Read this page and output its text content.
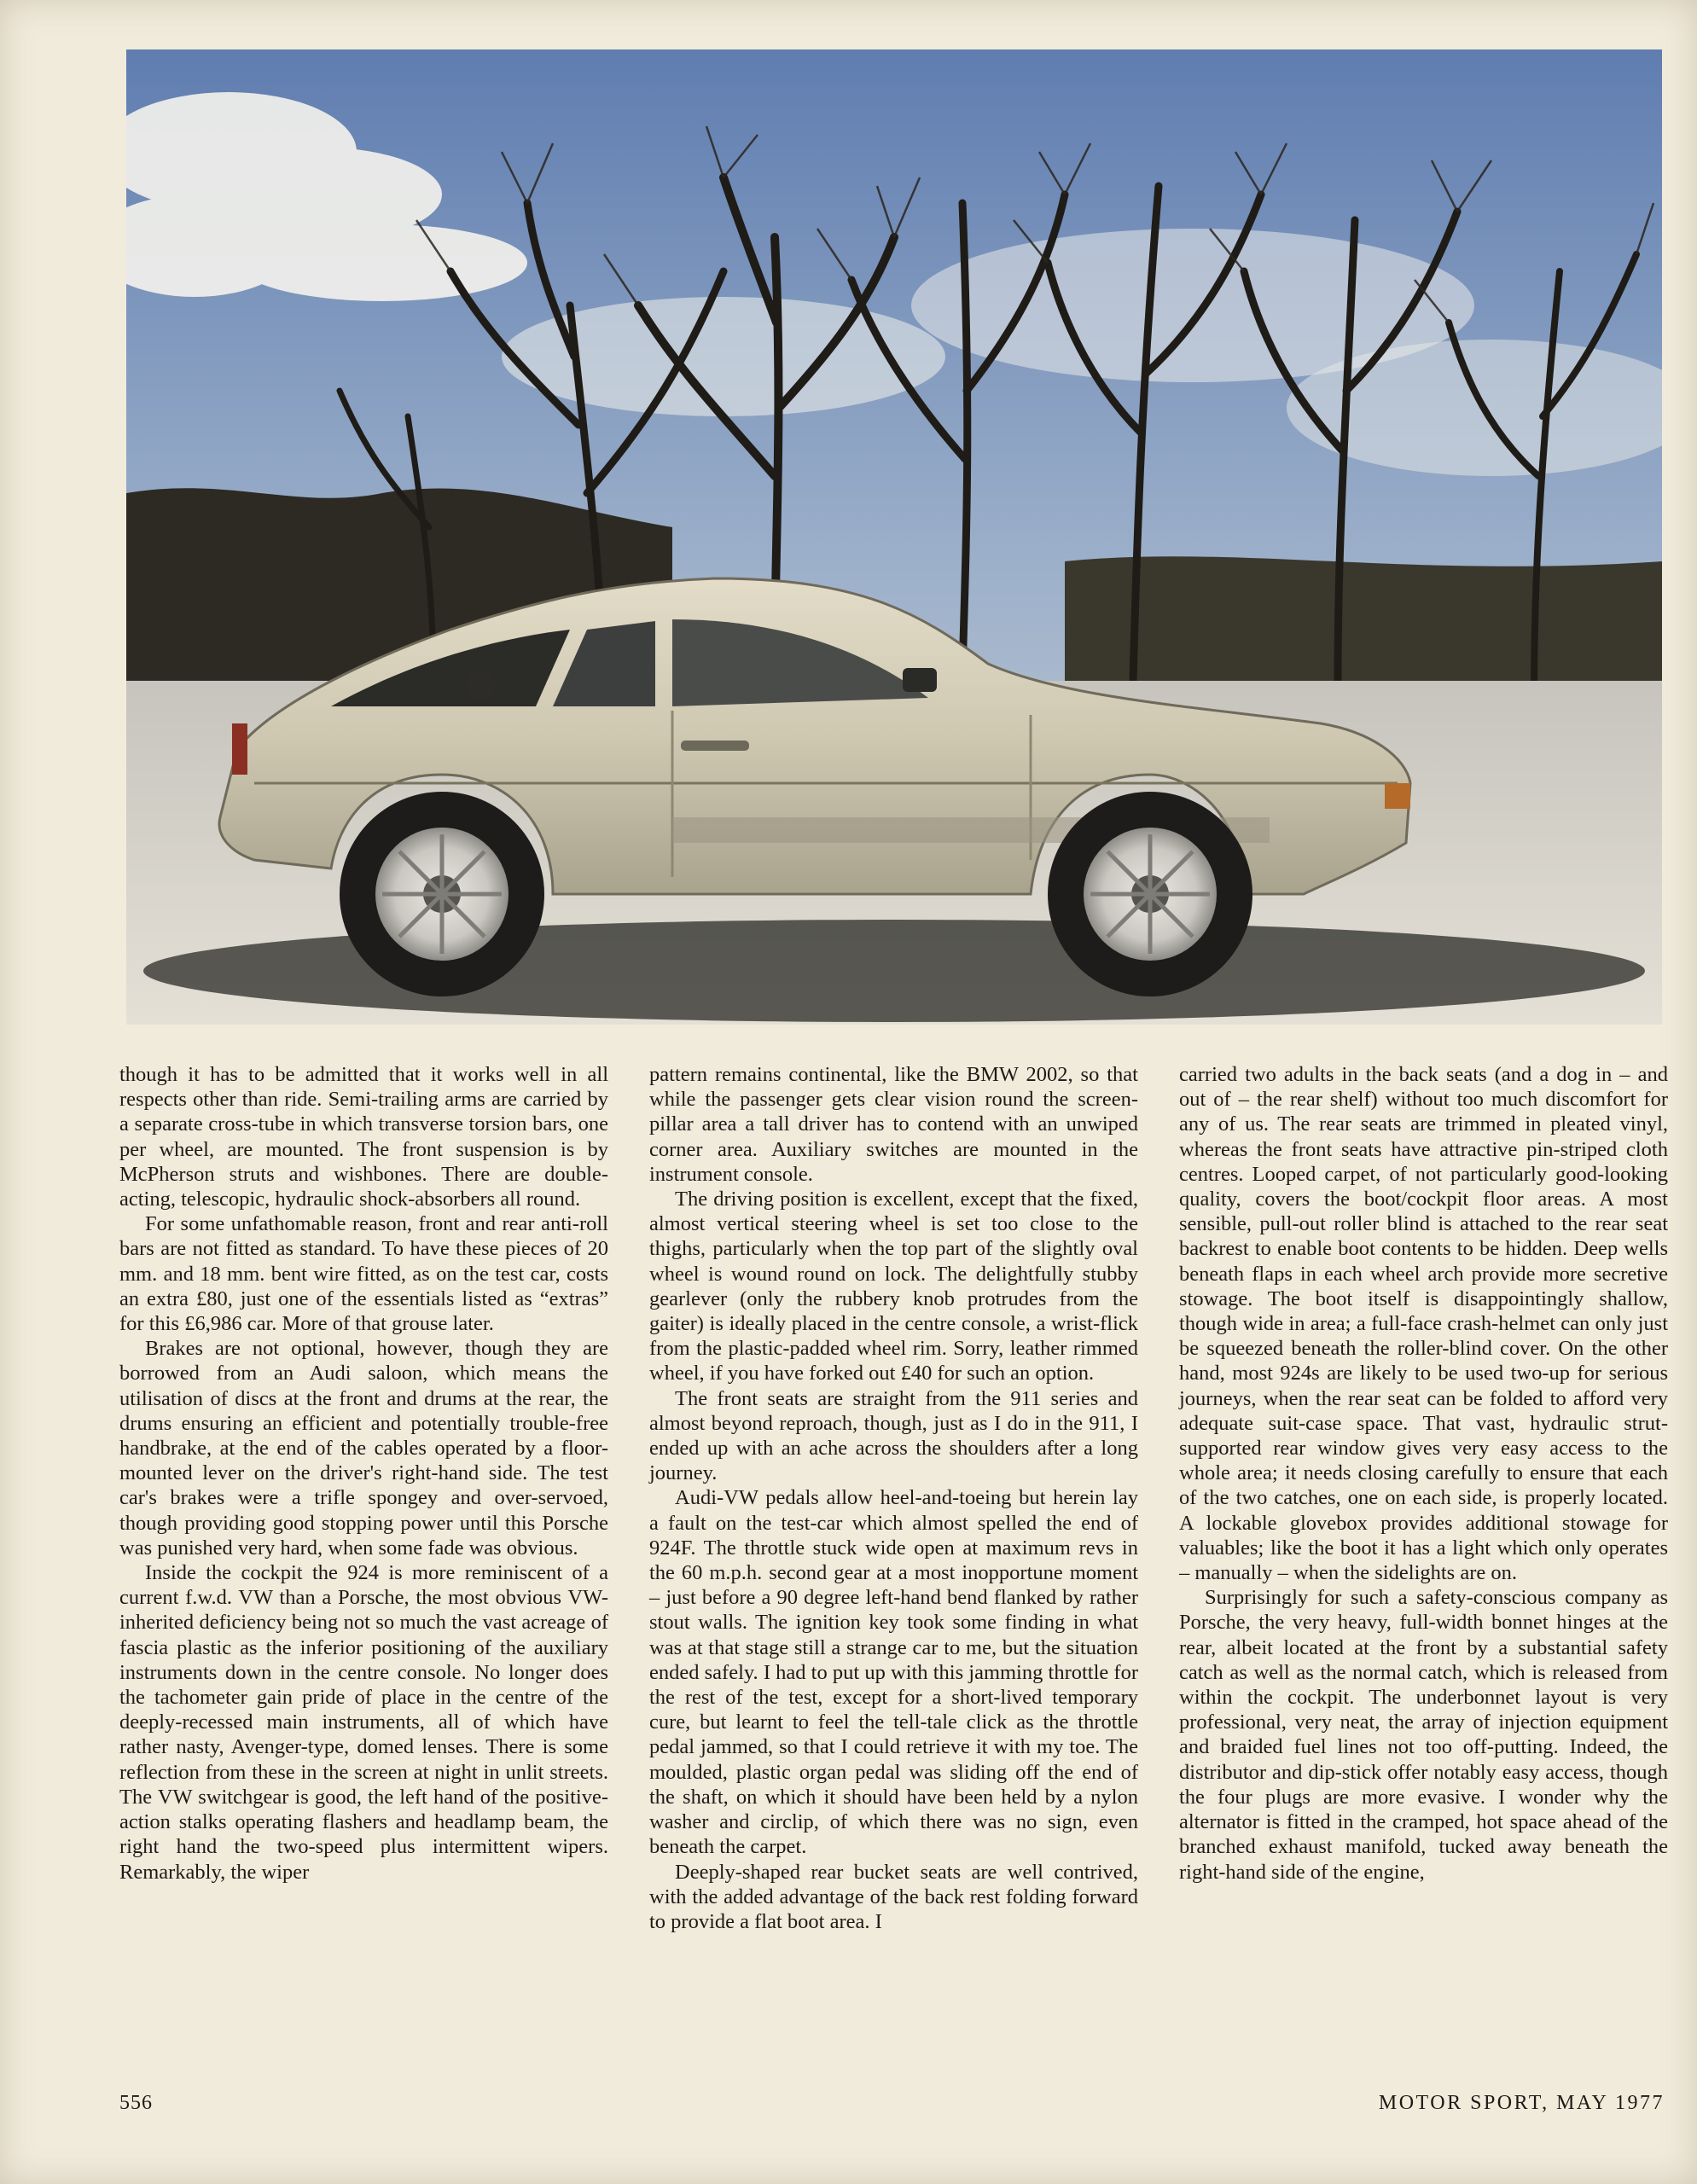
though it has to be admitted that it works well in all respects other than ride. Semi-trailing arms are carried by a separate cross-tube in which transverse torsion bars, one per wheel, are mounted. The front suspension is by McPherson struts and wishbones. There are double-acting, telescopic, hydraulic shock-absorbers all round.

For some unfathomable reason, front and rear anti-roll bars are not fitted as standard. To have these pieces of 20 mm. and 18 mm. bent wire fitted, as on the test car, costs an extra £80, just one of the essentials listed as “extras” for this £6,986 car. More of that grouse later.

Brakes are not optional, however, though they are borrowed from an Audi saloon, which means the utilisation of discs at the front and drums at the rear, the drums ensuring an efficient and potentially trouble-free handbrake, at the end of the cables operated by a floor-mounted lever on the driver's right-hand side. The test car's brakes were a trifle spongey and over-servoed, though providing good stopping power until this Porsche was punished very hard, when some fade was obvious.

Inside the cockpit the 924 is more reminiscent of a current f.w.d. VW than a Porsche, the most obvious VW-inherited deficiency being not so much the vast acreage of fascia plastic as the inferior positioning of the auxiliary instruments down in the centre console. No longer does the tachometer gain pride of place in the centre of the deeply-recessed main instruments, all of which have rather nasty, Avenger-type, domed lenses. There is some reflection from these in the screen at night in unlit streets. The VW switchgear is good, the left hand of the positive-action stalks operating flashers and headlamp beam, the right hand the two-speed plus intermittent wipers. Remarkably, the wiper

pattern remains continental, like the BMW 2002, so that while the passenger gets clear vision round the screen-pillar area a tall driver has to contend with an unwiped corner area. Auxiliary switches are mounted in the instrument console.

The driving position is excellent, except that the fixed, almost vertical steering wheel is set too close to the thighs, particularly when the top part of the slightly oval wheel is wound round on lock. The delightfully stubby gearlever (only the rubbery knob protrudes from the gaiter) is ideally placed in the centre console, a wrist-flick from the plastic-padded wheel rim. Sorry, leather rimmed wheel, if you have forked out £40 for such an option.

The front seats are straight from the 911 series and almost beyond reproach, though, just as I do in the 911, I ended up with an ache across the shoulders after a long journey.

Audi-VW pedals allow heel-and-toeing but herein lay a fault on the test-car which almost spelled the end of 924F. The throttle stuck wide open at maximum revs in the 60 m.p.h. second gear at a most inopportune moment – just before a 90 degree left-hand bend flanked by rather stout walls. The ignition key took some finding in what was at that stage still a strange car to me, but the situation ended safely. I had to put up with this jamming throttle for the rest of the test, except for a short-lived temporary cure, but learnt to feel the tell-tale click as the throttle pedal jammed, so that I could retrieve it with my toe. The moulded, plastic organ pedal was sliding off the end of the shaft, on which it should have been held by a nylon washer and circlip, of which there was no sign, even beneath the carpet.

Deeply-shaped rear bucket seats are well contrived, with the added advantage of the back rest folding forward to provide a flat boot area. I

carried two adults in the back seats (and a dog in – and out of – the rear shelf) without too much discomfort for any of us. The rear seats are trimmed in pleated vinyl, whereas the front seats have attractive pin-striped cloth centres. Looped carpet, of not particularly good-looking quality, covers the boot/cockpit floor areas. A most sensible, pull-out roller blind is attached to the rear seat backrest to enable boot contents to be hidden. Deep wells beneath flaps in each wheel arch provide more secretive stowage. The boot itself is disappointingly shallow, though wide in area; a full-face crash-helmet can only just be squeezed beneath the roller-blind cover. On the other hand, most 924s are likely to be used two-up for serious journeys, when the rear seat can be folded to afford very adequate suit-case space. That vast, hydraulic strut-supported rear window gives very easy access to the whole area; it needs closing carefully to ensure that each of the two catches, one on each side, is properly located. A lockable glovebox provides additional stowage for valuables; like the boot it has a light which only operates – manually – when the sidelights are on.

Surprisingly for such a safety-conscious company as Porsche, the very heavy, full-width bonnet hinges at the rear, albeit located at the front by a substantial safety catch as well as the normal catch, which is released from within the cockpit. The underbonnet layout is very professional, very neat, the array of injection equipment and braided fuel lines not too off-putting. Indeed, the distributor and dip-stick offer notably easy access, though the four plugs are more evasive. I wonder why the alternator is fitted in the cramped, hot space ahead of the branched exhaust manifold, tucked away beneath the right-hand side of the engine,

556	MOTOR SPORT, MAY 1977
